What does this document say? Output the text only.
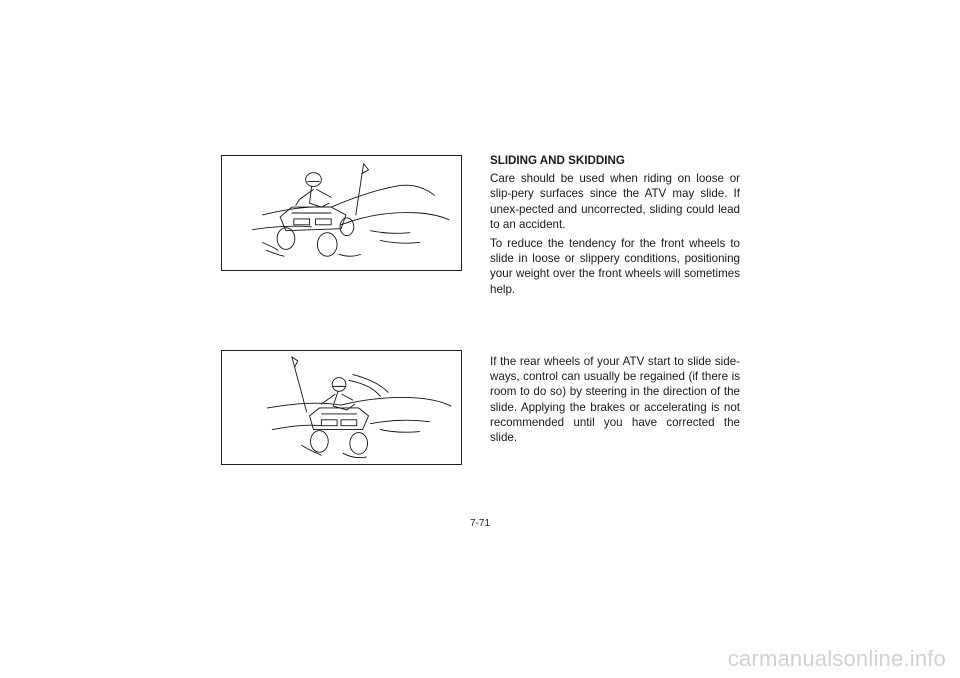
SLIDING AND SKIDDING
Care should be used when riding on loose or slip-pery surfaces since the ATV may slide. If unex-pected and uncorrected, sliding could lead to an accident.
To reduce the tendency for the front wheels to slide in loose or slippery conditions, positioning your weight over the front wheels will sometimes help.
If the rear wheels of your ATV start to slide side-ways, control can usually be regained (if there is room to do so) by steering in the direction of the slide. Applying the brakes or accelerating is not recommended until you have corrected the slide.
7-71
carmanualsonline.info
